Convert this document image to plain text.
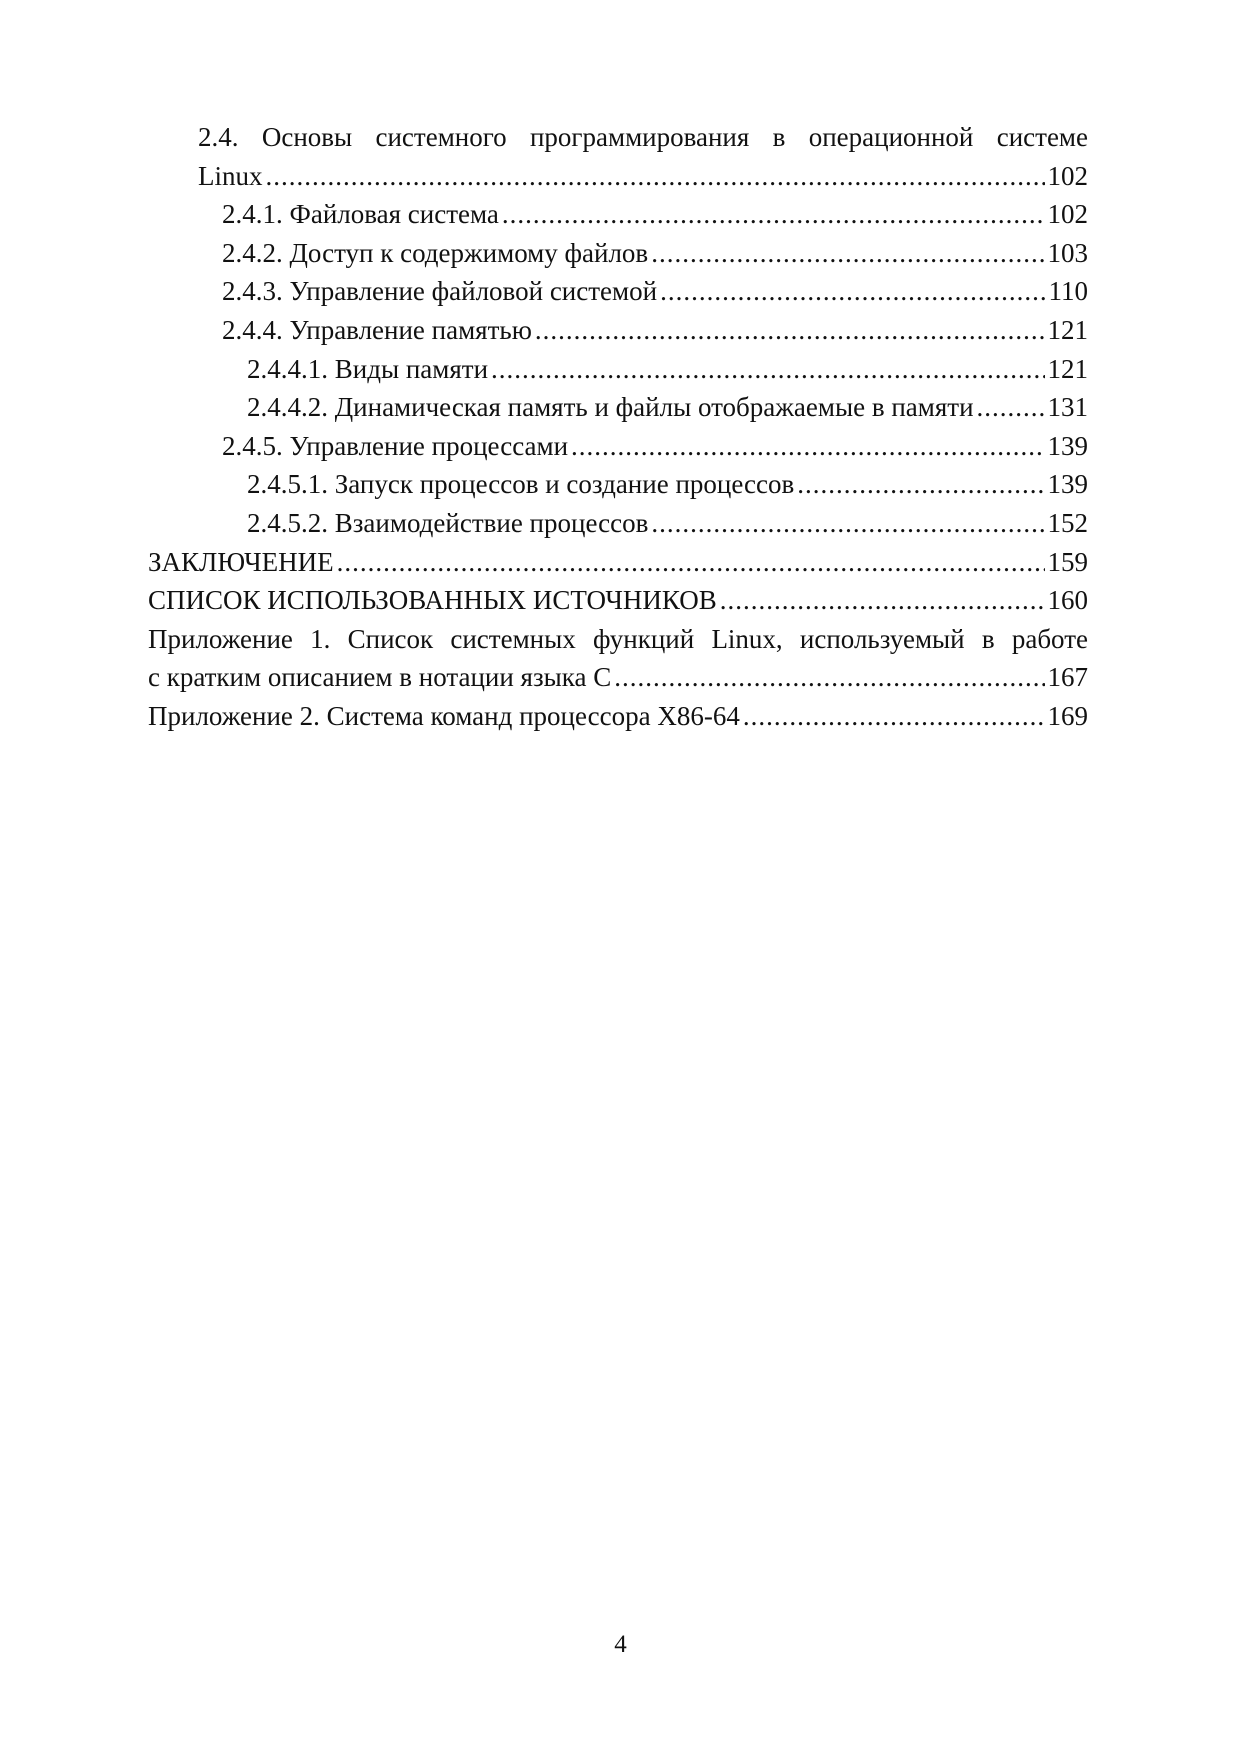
2.4. Основы системного программирования в операционной системе
Linux .....	102
2.4.1. Файловая система .....	102
2.4.2. Доступ к содержимому файлов .....	103
2.4.3. Управление файловой системой .....	110
2.4.4. Управление памятью .....	121
2.4.4.1. Виды памяти .....	121
2.4.4.2. Динамическая память и файлы отображаемые в памяти .....	131
2.4.5. Управление процессами .....	139
2.4.5.1. Запуск процессов и создание процессов .....	139
2.4.5.2. Взаимодействие процессов .....	152
ЗАКЛЮЧЕНИЕ .....	159
СПИСОК ИСПОЛЬЗОВАННЫХ ИСТОЧНИКОВ .....	160
Приложение 1. Список системных функций Linux, используемый в работе
с кратким описанием в нотации языка C .....	167
Приложение 2. Система команд процессора X86-64 .....	169
4
